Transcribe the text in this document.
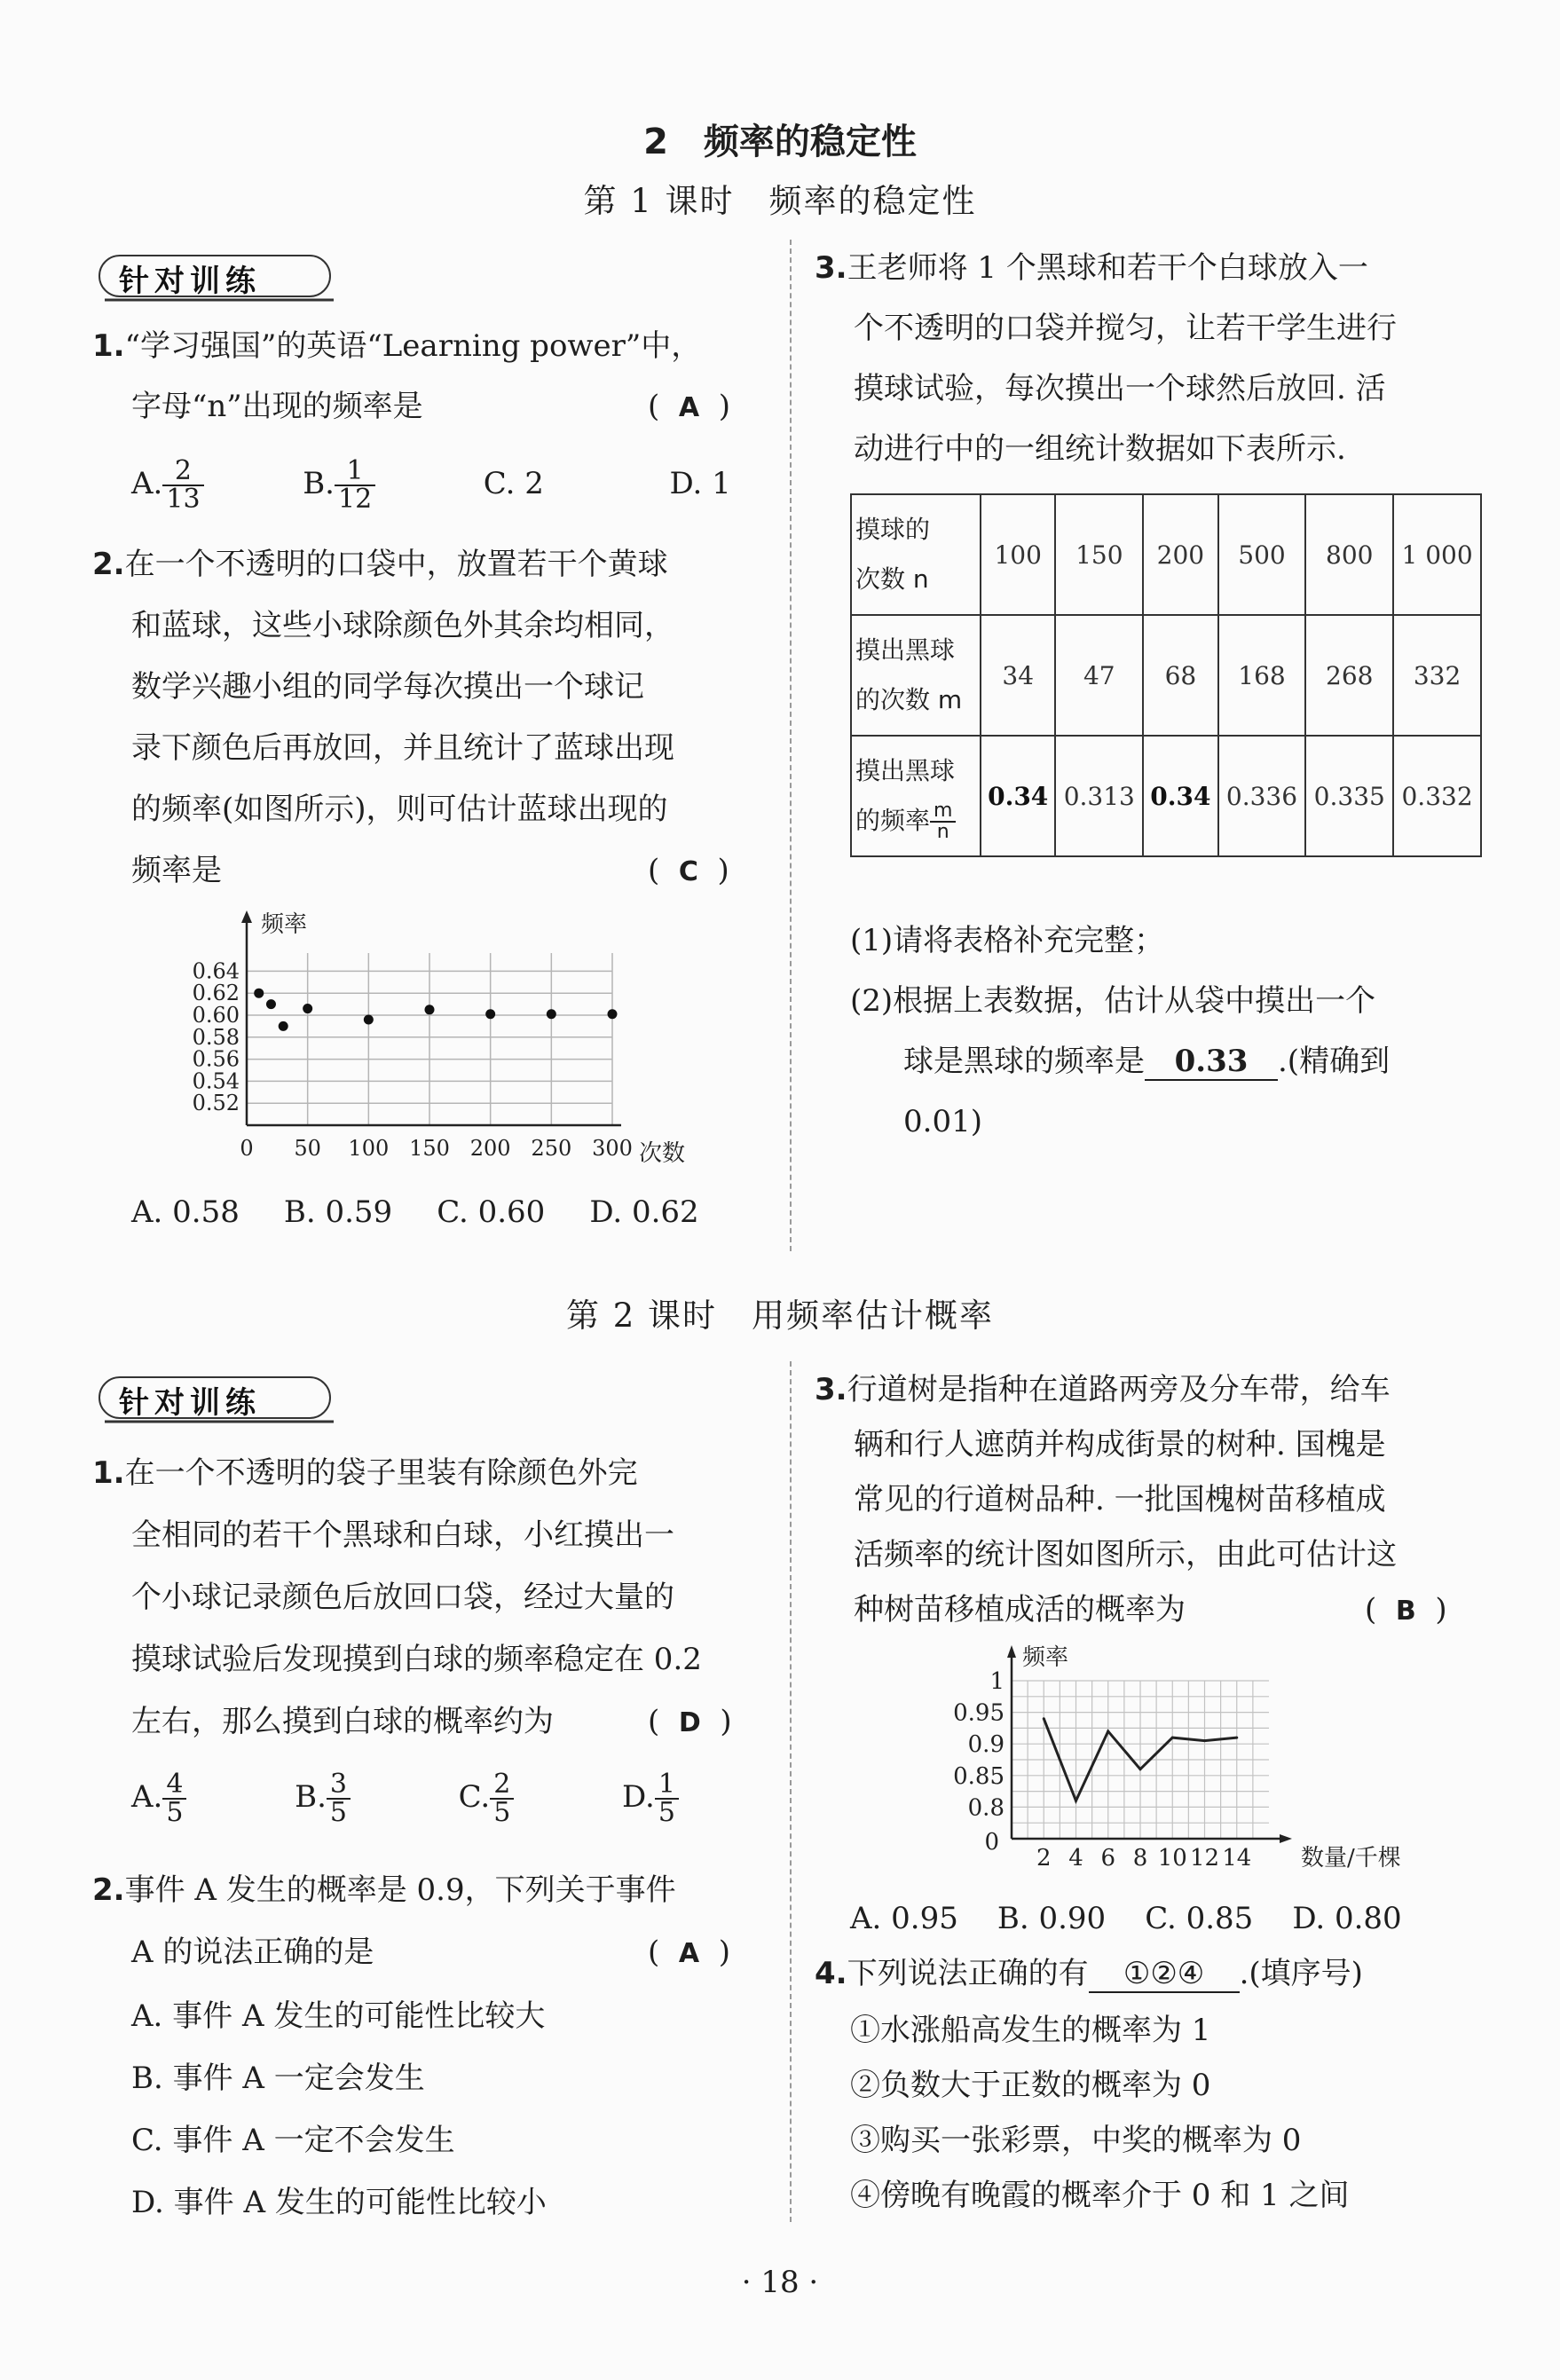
2　频率的稳定性
第 1 课时　频率的稳定性
针对训练
1.“学习强国”的英语“Learning power”中，
字母“n”出现的频率是	( A )
A. $\frac{2}{13}$	B. $\frac{1}{12}$	C. 2	D. 1
2.在一个不透明的口袋中，放置若干个黄球
和蓝球，这些小球除颜色外其余均相同，
数学兴趣小组的同学每次摸出一个球记
录下颜色后再放回，并且统计了蓝球出现
的频率(如图所示)，则可估计蓝球出现的
频率是	( C )
频率
次数
0.52
0.54
0.56
0.58
0.60
0.62
0.64
0 50 100 150 200 250 300
A. 0.58 B. 0.59 C. 0.60 D. 0.62
3.王老师将 1 个黑球和若干个白球放入一
个不透明的口袋并搅匀，让若干学生进行
摸球试验，每次摸出一个球然后放回. 活
动进行中的一组统计数据如下表所示.
摸球的
次数 n	100	150	200	500	800	1 000
摸出黑球
的次数 m	34	47	68	168	268	332
摸出黑球
的频率 $\frac{m}{n}$	0.34	0.313	0.34	0.336	0.335	0.332
(1)请将表格补充完整；
(2)根据上表数据，估计从袋中摸出一个
球是黑球的频率是 0.33 .(精确到
0.01)
第 2 课时　用频率估计概率
针对训练
1.在一个不透明的袋子里装有除颜色外完
全相同的若干个黑球和白球，小红摸出一
个小球记录颜色后放回口袋，经过大量的
摸球试验后发现摸到白球的频率稳定在 0.2
左右，那么摸到白球的概率约为	( D )
A. $\frac{4}{5}$	B. $\frac{3}{5}$	C. $\frac{2}{5}$	D. $\frac{1}{5}$
2.事件 A 发生的概率是 0.9，下列关于事件
A 的说法正确的是	( A )
A. 事件 A 发生的可能性比较大
B. 事件 A 一定会发生
C. 事件 A 一定不会发生
D. 事件 A 发生的可能性比较小
3.行道树是指种在道路两旁及分车带，给车
辆和行人遮荫并构成街景的树种. 国槐是
常见的行道树品种. 一批国槐树苗移植成
活频率的统计图如图所示，由此可估计这
种树苗移植成活的概率为	( B )
频率
数量/千棵
0
0.8
0.85
0.9
0.95
1
2 4 6 8 10 12 14
A. 0.95 B. 0.90 C. 0.85 D. 0.80
4.下列说法正确的有 ①②④ .(填序号)
①水涨船高发生的概率为 1
②负数大于正数的概率为 0
③购买一张彩票，中奖的概率为 0
④傍晚有晚霞的概率介于 0 和 1 之间
· 18 ·
